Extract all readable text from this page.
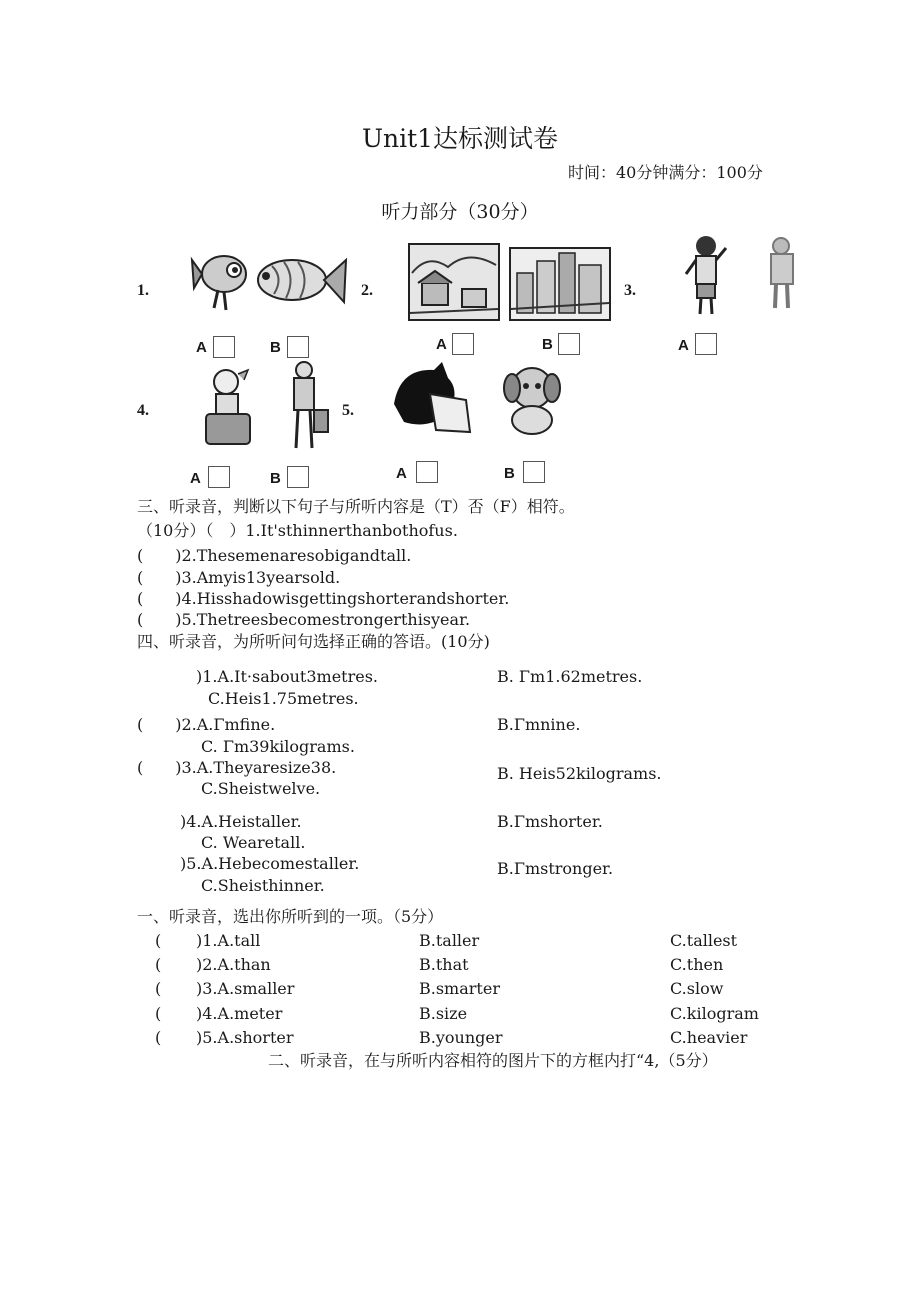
Unit1达标测试卷
时间：40分钟满分：100分
听力部分（30分）
1.	2.	3.
A	B	A	B	A
4.	5.
A	B	A	B
三、听录音，判断以下句子与所听内容是（T）否（F）相符。
（10分）（　）1.It'sthinnerthanbothofus.
(　　)2.Thesemenaresobigandtall.
(　　)3.Amyis13yearsold.
(　　)4.Hisshadowisgettingshorterandshorter.
(　　)5.Thetreesbecomestrongerthisyear.
四、听录音，为所听问句选择正确的答语。(10分)
)1.A.It·sabout3metres.	B. Γm1.62metres.
C.Heis1.75metres.
(　　)2.A.Γmfine.	B.Γmnine.
C. Γm39kilograms.
(　　)3.A.Theyaresize38.	B. Heis52kilograms.
C.Sheistwelve.
)4.A.Heistaller.	B.Γmshorter.
C. Wearetall.
)5.A.Hebecomestaller.	B.Γmstronger.
C.Sheisthinner.
一、听录音，选出你所听到的一项。（5分）
( )1.A.tall	B.taller	C.tallest
( )2.A.than	B.that	C.then
( )3.A.smaller	B.smarter	C.slow
( )4.A.meter	B.size	C.kilogram
( )5.A.shorter	B.younger	C.heavier
二、听录音，在与所听内容相符的图片下的方框内打“4,（5分）
